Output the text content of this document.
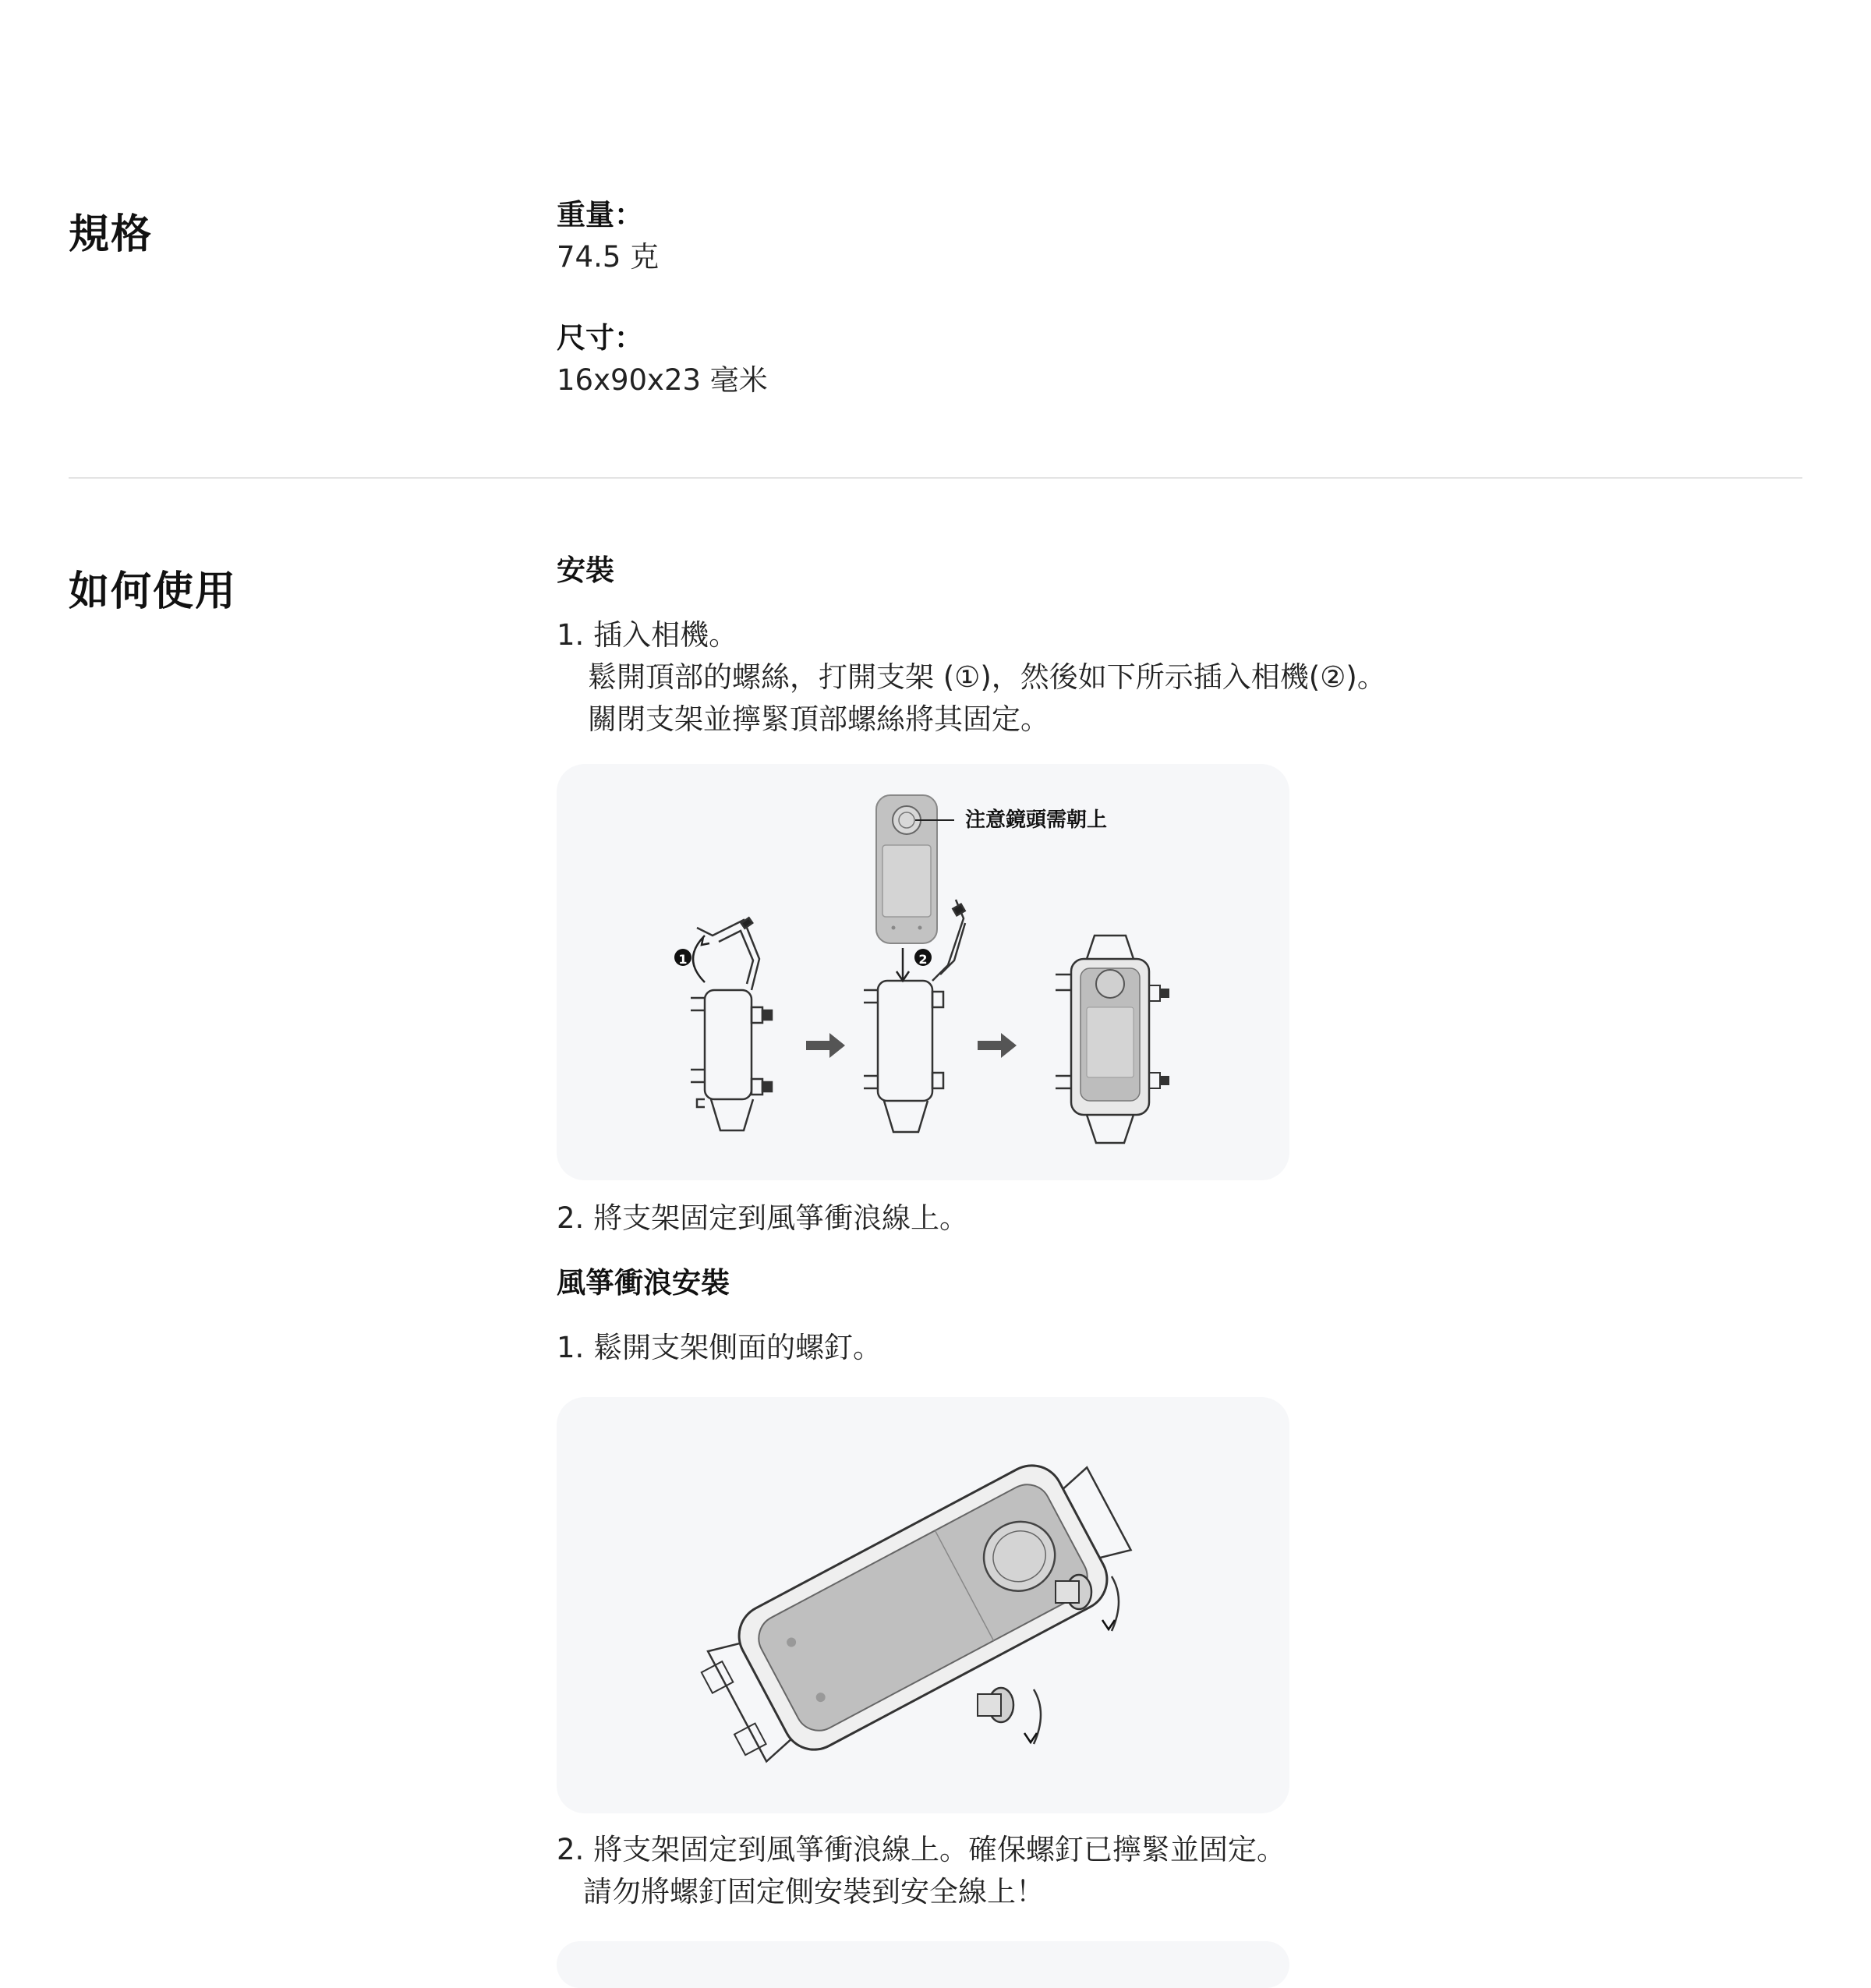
規格	重量：
74.5 克
尺寸：
16x90x23 毫米
如何使用	安裝
1. 插入相機。
鬆開頂部的螺絲，打開支架 (①)，然後如下所示插入相機(②)。
關閉支架並擰緊頂部螺絲將其固定。
注意鏡頭需朝上
1	2
2. 將支架固定到風箏衝浪線上。
風箏衝浪安裝
1. 鬆開支架側面的螺釘。
2. 將支架固定到風箏衝浪線上。確保螺釘已擰緊並固定。
請勿將螺釘固定側安裝到安全線上！
